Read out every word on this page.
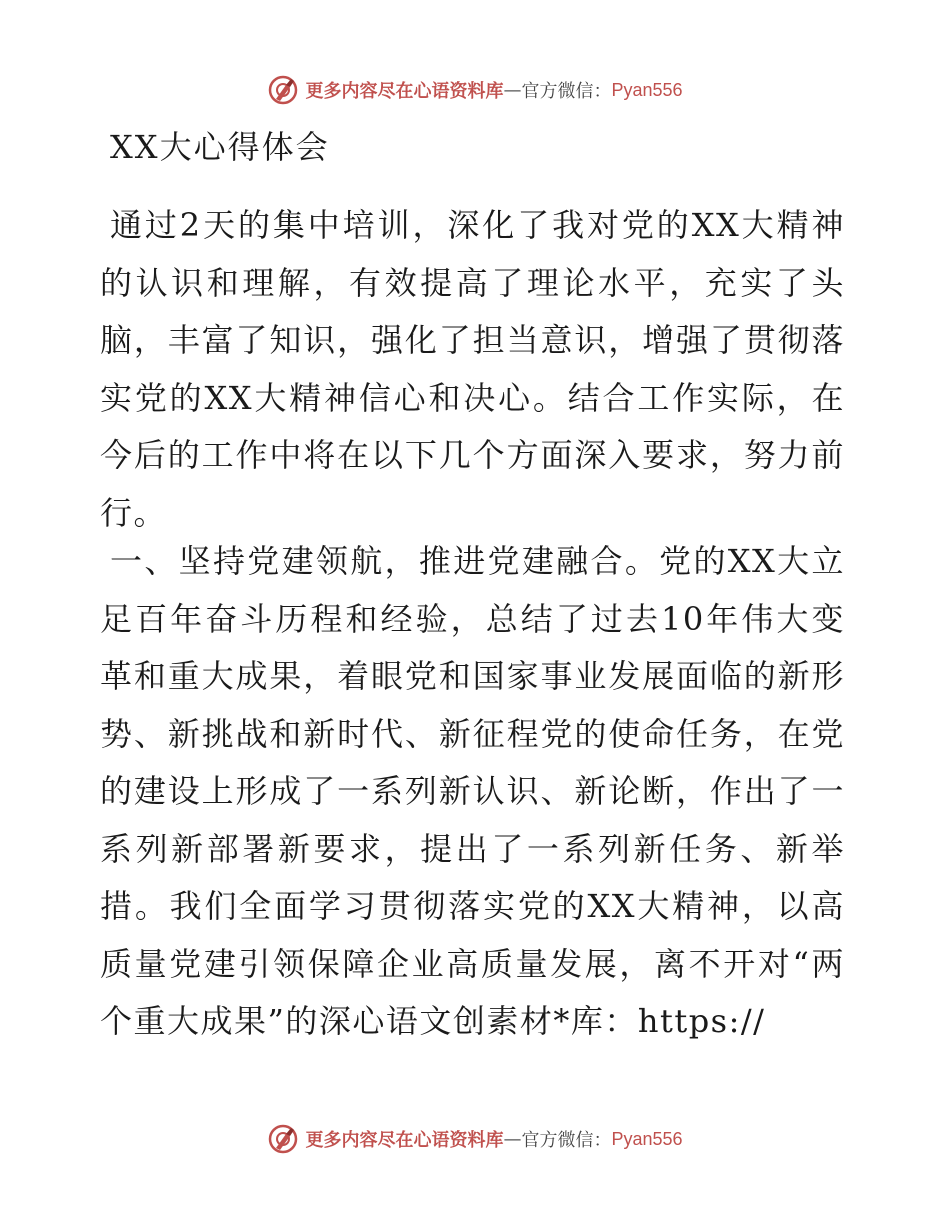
更多内容尽在心语资料库 — 官方微信： Pyan556
XX大心得体会

通过2天的集中培训，深化了我对党的XX大精神的认识和理解，有效提高了理论水平，充实了头脑，丰富了知识，强化了担当意识，增强了贯彻落实党的XX大精神信心和决心。结合工作实际，在今后的工作中将在以下几个方面深入要求，努力前行。

一、坚持党建领航，推进党建融合。党的XX大立足百年奋斗历程和经验，总结了过去10年伟大变革和重大成果，着眼党和国家事业发展面临的新形势、新挑战和新时代、新征程党的使命任务，在党的建设上形成了一系列新认识、新论断，作出了一系列新部署新要求，提出了一系列新任务、新举措。我们全面学习贯彻落实党的XX大精神，以高质量党建引领保障企业高质量发展，离不开对“两个重大成果”的深心语文创素材*库：https://

更多内容尽在心语资料库 — 官方微信： Pyan556
